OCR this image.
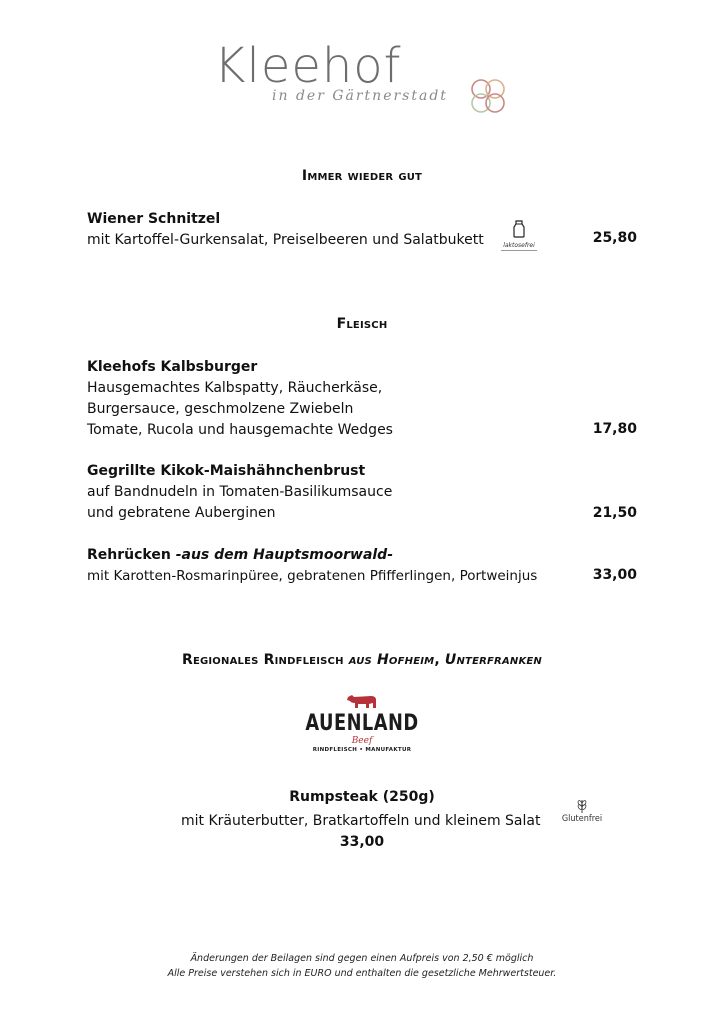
Kleehof
in der Gärtnerstadt
Immer wieder gut
Wiener Schnitzel
mit Kartoffel-Gurkensalat, Preiselbeeren und Salatbukett	laktosefrei	25,80
Fleisch
Kleehofs Kalbsburger
Hausgemachtes Kalbspatty, Räucherkäse,
Burgersauce, geschmolzene Zwiebeln
Tomate, Rucola und hausgemachte Wedges	17,80
Gegrillte Kikok-Maishähnchenbrust
auf Bandnudeln in Tomaten-Basilikumsauce
und gebratene Auberginen	21,50
Rehrücken -aus dem Hauptsmoorwald-
mit Karotten-Rosmarinpüree, gebratenen Pfifferlingen, Portweinjus	33,00
Regionales Rindfleisch aus Hofheim, Unterfranken
AUENLAND
Beef
RINDFLEISCH • MANUFAKTUR
Rumpsteak (250g)
mit Kräuterbutter, Bratkartoffeln und kleinem Salat Glutenfrei
33,00
Änderungen der Beilagen sind gegen einen Aufpreis von 2,50 € möglich
Alle Preise verstehen sich in EURO und enthalten die gesetzliche Mehrwertsteuer.
